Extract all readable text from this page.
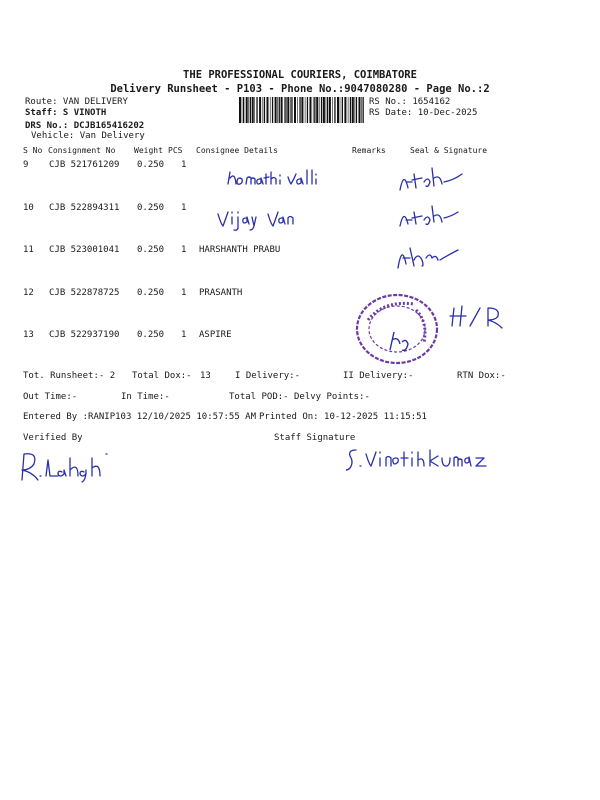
THE PROFESSIONAL COURIERS, COIMBATORE
Delivery Runsheet - P103 - Phone No.:9047080280 - Page No.:2
Route: VAN DELIVERY
Staff: S VINOTH
DRS No.: DCJB165416202
Vehicle: Van Delivery
RS No.: 1654162
RS Date: 10-Dec-2025
S No Consignment No Weight PCS Consignee Details	Remarks	Seal & Signature
9 CJB 521761209 0.250 1
10 CJB 522894311 0.250 1
11 CJB 523001041 0.250 1 HARSHANTH PRABU
12 CJB 522878725 0.250 1 PRASANTH
13 CJB 522937190 0.250 1 ASPIRE
Tot. Runsheet:- 2 Total Dox:- 13	I Delivery:-	II Delivery:-	RTN Dox:-
Out Time:-	In Time:-	Total POD:- Delvy Points:-
Entered By :RANIP103 12/10/2025 10:57:55 AM Printed On: 10-12-2025 11:15:51
Verified By	Staff Signature
